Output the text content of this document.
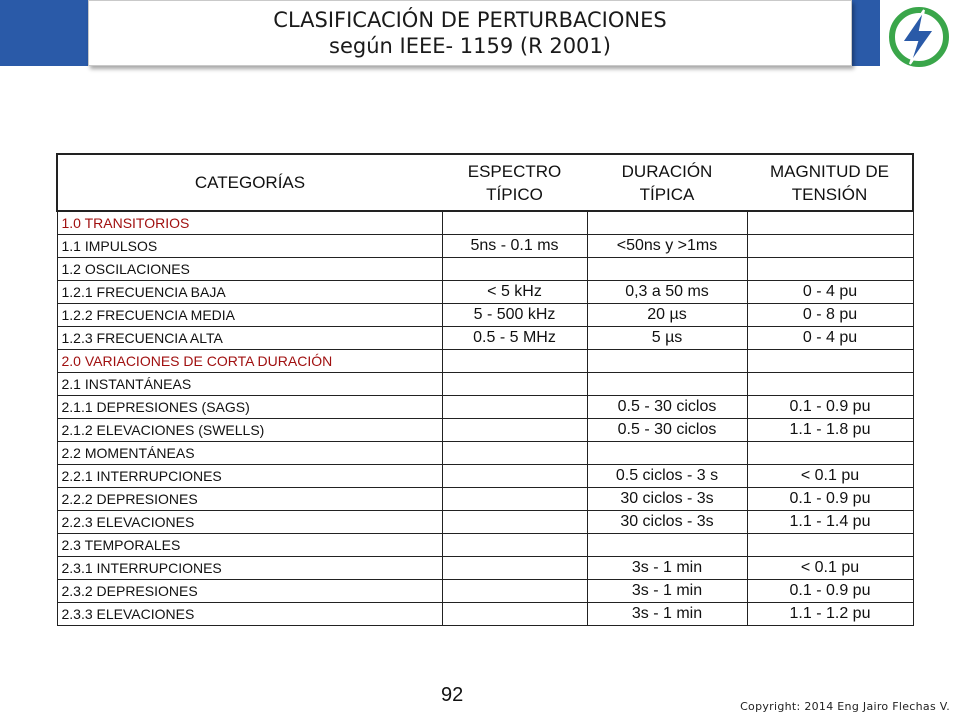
CLASIFICACIÓN DE PERTURBACIONES
según IEEE- 1159 (R 2001)
CATEGORÍAS	ESPECTRO TÍPICO	DURACIÓN TÍPICA	MAGNITUD DE TENSIÓN
1.0 TRANSITORIOS			
1.1 IMPULSOS	5ns - 0.1 ms	<50ns y >1ms	
1.2 OSCILACIONES			
1.2.1 FRECUENCIA BAJA	< 5 kHz	0,3 a 50 ms	0 - 4 pu
1.2.2 FRECUENCIA MEDIA	5 - 500 kHz	20 µs	0 - 8 pu
1.2.3 FRECUENCIA ALTA	0.5 - 5 MHz	5 µs	0 - 4 pu
2.0 VARIACIONES DE CORTA DURACIÓN			
2.1 INSTANTÁNEAS			
2.1.1 DEPRESIONES (SAGS)		0.5 - 30 ciclos	0.1 - 0.9 pu
2.1.2 ELEVACIONES (SWELLS)		0.5 - 30 ciclos	1.1 - 1.8 pu
2.2 MOMENTÁNEAS			
2.2.1 INTERRUPCIONES		0.5 ciclos - 3 s	< 0.1 pu
2.2.2 DEPRESIONES		30 ciclos - 3s	0.1 - 0.9 pu
2.2.3 ELEVACIONES		30 ciclos - 3s	1.1 - 1.4 pu
2.3 TEMPORALES			
2.3.1 INTERRUPCIONES		3s - 1 min	< 0.1 pu
2.3.2 DEPRESIONES		3s - 1 min	0.1 - 0.9 pu
2.3.3 ELEVACIONES		3s - 1 min	1.1 - 1.2 pu
92
Copyright: 2014 Eng Jairo Flechas V.
